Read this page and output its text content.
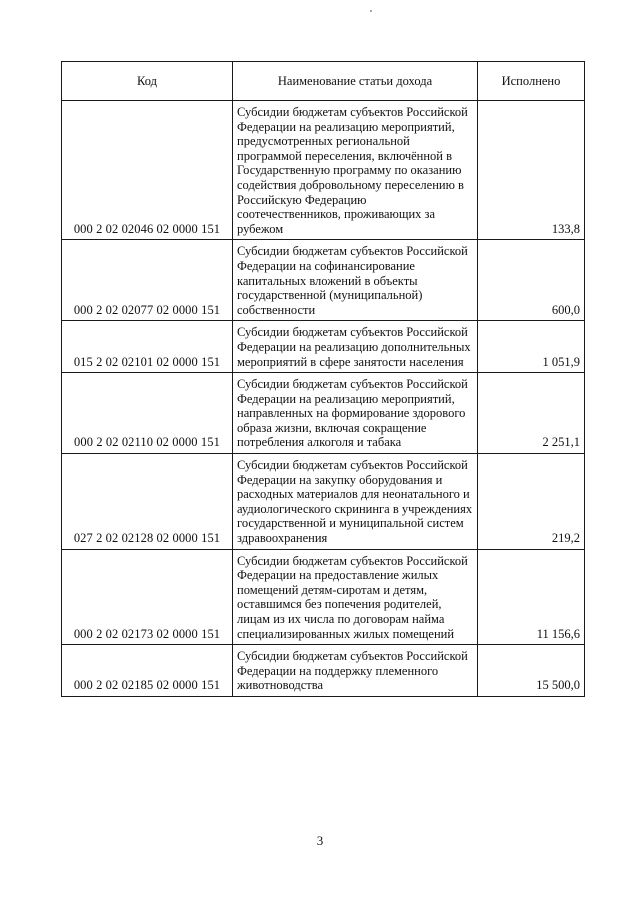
Код	Наименование статьи дохода	Исполнено
000 2 02 02046 02 0000 151	Субсидии бюджетам субъектов Российской Федерации на реализацию мероприятий, предусмотренных региональной программой переселения, включённой в Государственную программу по оказанию содействия добровольному переселению в Российскую Федерацию соотечественников, проживающих за рубежом	133,8
000 2 02 02077 02 0000 151	Субсидии бюджетам субъектов Российской Федерации на софинансирование капитальных вложений в объекты государственной (муниципальной) собственности	600,0
015 2 02 02101 02 0000 151	Субсидии бюджетам субъектов Российской Федерации на реализацию дополнительных мероприятий в сфере занятости населения	1 051,9
000 2 02 02110 02 0000 151	Субсидии бюджетам субъектов Российской Федерации на реализацию мероприятий, направленных на формирование здорового образа жизни, включая сокращение потребления алкоголя и табака	2 251,1
027 2 02 02128 02 0000 151	Субсидии бюджетам субъектов Российской Федерации на закупку оборудования и расходных материалов для неонатального и аудиологического скрининга в учреждениях государственной и муниципальной систем здравоохранения	219,2
000 2 02 02173 02 0000 151	Субсидии бюджетам субъектов Российской Федерации на предоставление жилых помещений детям-сиротам и детям, оставшимся без попечения родителей, лицам из их числа по договорам найма специализированных жилых помещений	11 156,6
000 2 02 02185 02 0000 151	Субсидии бюджетам субъектов Российской Федерации на поддержку племенного животноводства	15 500,0
3
